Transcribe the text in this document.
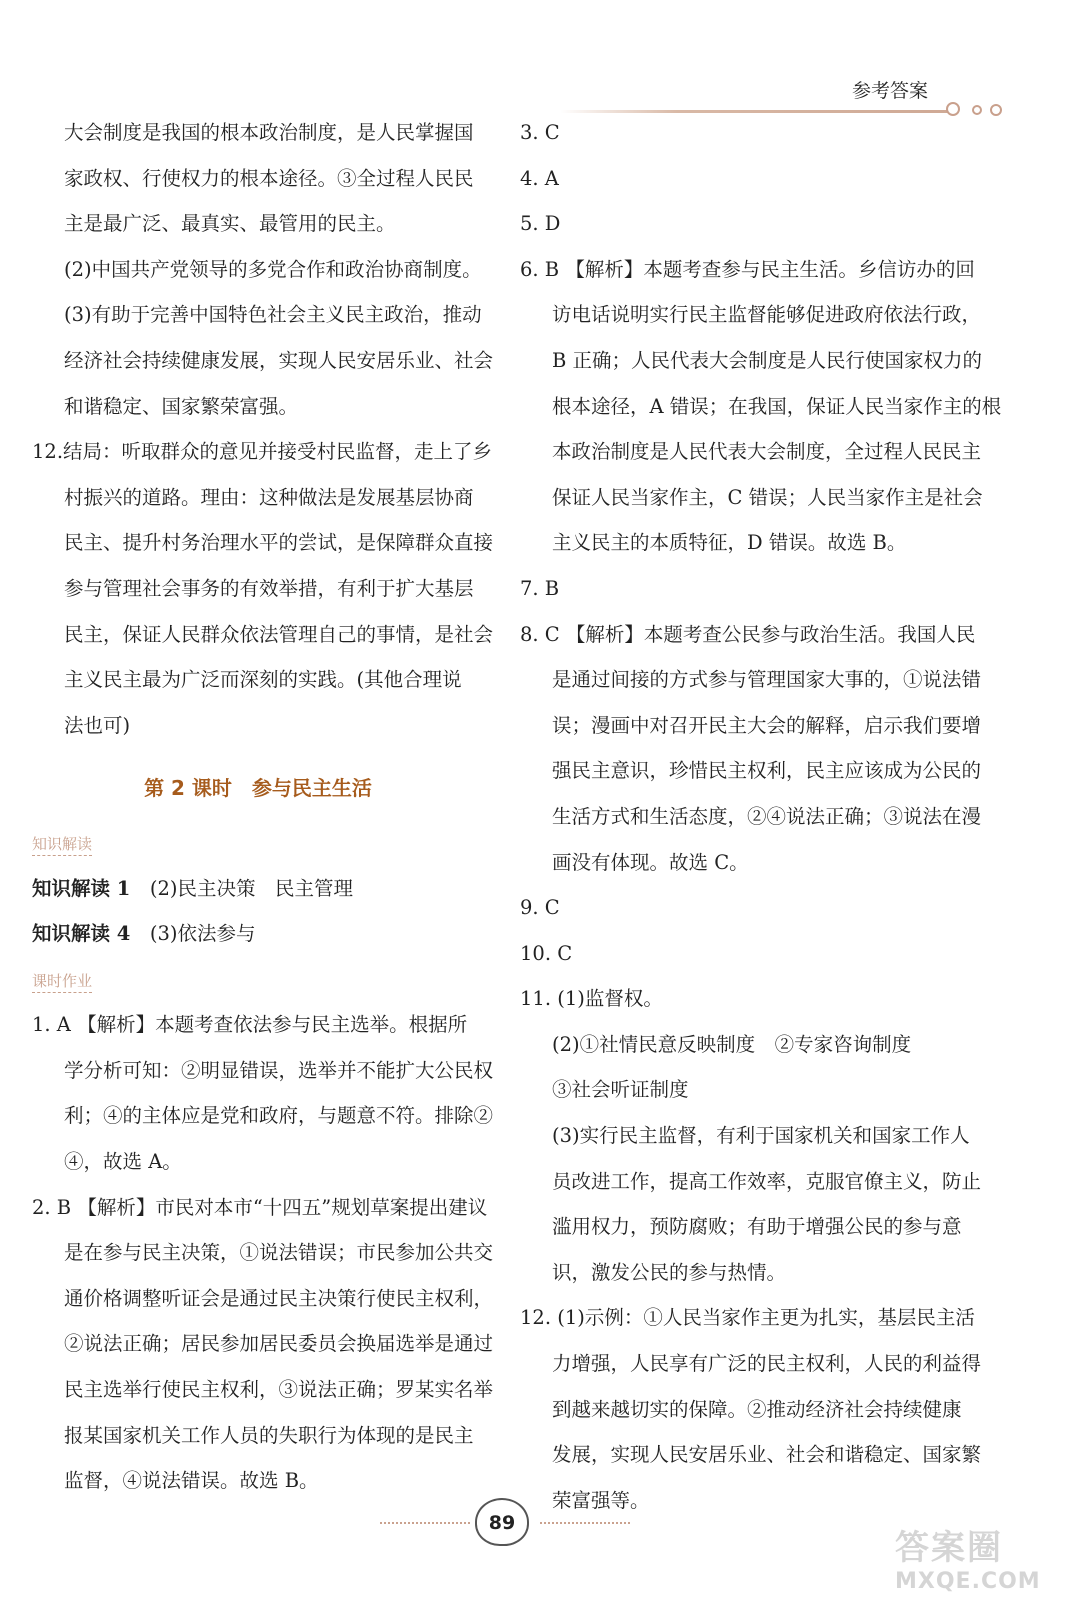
参考答案

大会制度是我国的根本政治制度，是人民掌握国

家政权、行使权力的根本途径。③全过程人民民

主是最广泛、最真实、最管用的民主。

(2)中国共产党领导的多党合作和政治协商制度。

(3)有助于完善中国特色社会主义民主政治，推动

经济社会持续健康发展，实现人民安居乐业、社会

和谐稳定、国家繁荣富强。

12.结局：听取群众的意见并接受村民监督，走上了乡

村振兴的道路。理由：这种做法是发展基层协商

民主、提升村务治理水平的尝试，是保障群众直接

参与管理社会事务的有效举措，有利于扩大基层

民主，保证人民群众依法管理自己的事情，是社会

主义民主最为广泛而深刻的实践。(其他合理说

法也可)

第 2 课时　参与民主生活
知识解读

知识解读 1　 (2)民主决策　民主管理

知识解读 4　 (3)依法参与

课时作业

1. A 【解析】本题考查依法参与民主选举。根据所

学分析可知：②明显错误，选举并不能扩大公民权

利；④的主体应是党和政府，与题意不符。排除②

④，故选 A。

2. B 【解析】市民对本市“十四五”规划草案提出建议

是在参与民主决策，①说法错误；市民参加公共交

通价格调整听证会是通过民主决策行使民主权利，

②说法正确；居民参加居民委员会换届选举是通过

民主选举行使民主权利，③说法正确；罗某实名举

报某国家机关工作人员的失职行为体现的是民主

监督，④说法错误。故选 B。

3. C

4. A

5. D

6. B 【解析】本题考查参与民主生活。乡信访办的回

访电话说明实行民主监督能够促进政府依法行政，

B 正确；人民代表大会制度是人民行使国家权力的

根本途径，A 错误；在我国，保证人民当家作主的根

本政治制度是人民代表大会制度，全过程人民民主

保证人民当家作主，C 错误；人民当家作主是社会

主义民主的本质特征，D 错误。故选 B。

7. B

8. C 【解析】本题考查公民参与政治生活。我国人民

是通过间接的方式参与管理国家大事的，①说法错

误；漫画中对召开民主大会的解释，启示我们要增

强民主意识，珍惜民主权利，民主应该成为公民的

生活方式和生活态度，②④说法正确；③说法在漫

画没有体现。故选 C。

9. C

10. C

11. (1)监督权。

(2)①社情民意反映制度　②专家咨询制度

③社会听证制度

(3)实行民主监督，有利于国家机关和国家工作人

员改进工作，提高工作效率，克服官僚主义，防止

滥用权力，预防腐败；有助于增强公民的参与意

识，激发公民的参与热情。

12. (1)示例：①人民当家作主更为扎实，基层民主活

力增强，人民享有广泛的民主权利，人民的利益得

到越来越切实的保障。②推动经济社会持续健康

发展，实现人民安居乐业、社会和谐稳定、国家繁

荣富强等。

89
答案圈
MXQE.COM
